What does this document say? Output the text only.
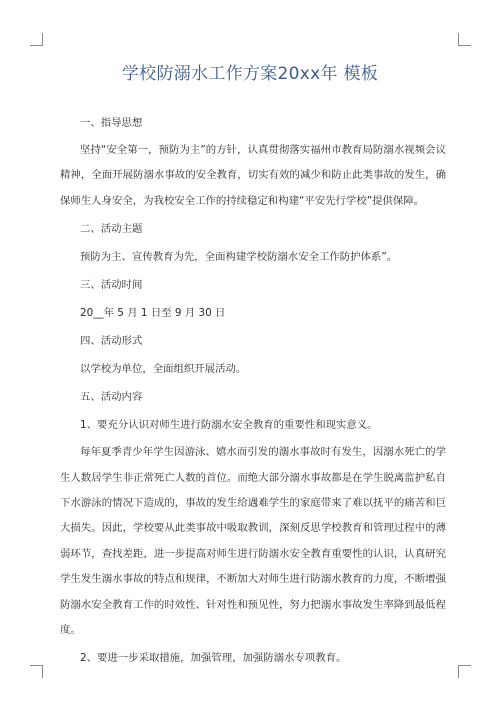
学校防溺水工作方案20xx年 模板
一、指导思想
坚持“安全第一，预防为主”的方针，认真贯彻落实福州市教育局防溺水视频会议精神，全面开展防溺水事故的安全教育，切实有效的减少和防止此类事故的发生，确保师生人身安全，为我校安全工作的持续稳定和构建“平安先行学校”提供保障。
二、活动主题
预防为主、宣传教育为先，全面构建学校防溺水安全工作防护体系”。
三、活动时间
20__年 5 月 1 日至 9 月 30 日
四、活动形式
以学校为单位，全面组织开展活动。
五、活动内容
1、要充分认识对师生进行防溺水安全教育的重要性和现实意义。
每年夏季青少年学生因游泳、嬉水而引发的溺水事故时有发生，因溺水死亡的学生人数居学生非正常死亡人数的首位。而绝大部分溺水事故都是在学生脱离监护私自下水游泳的情况下造成的，事故的发生给遇难学生的家庭带来了难以抚平的痛苦和巨大损失。因此，学校要从此类事故中吸取教训，深刻反思学校教育和管理过程中的薄弱环节，查找差距，进一步提高对师生进行防溺水安全教育重要性的认识，认真研究学生发生溺水事故的特点和规律，不断加大对师生进行防溺水教育的力度，不断增强防溺水安全教育工作的时效性、针对性和预见性，努力把溺水事故发生率降到最低程度。
2、要进一步采取措施，加强管理，加强防溺水专项教育。
